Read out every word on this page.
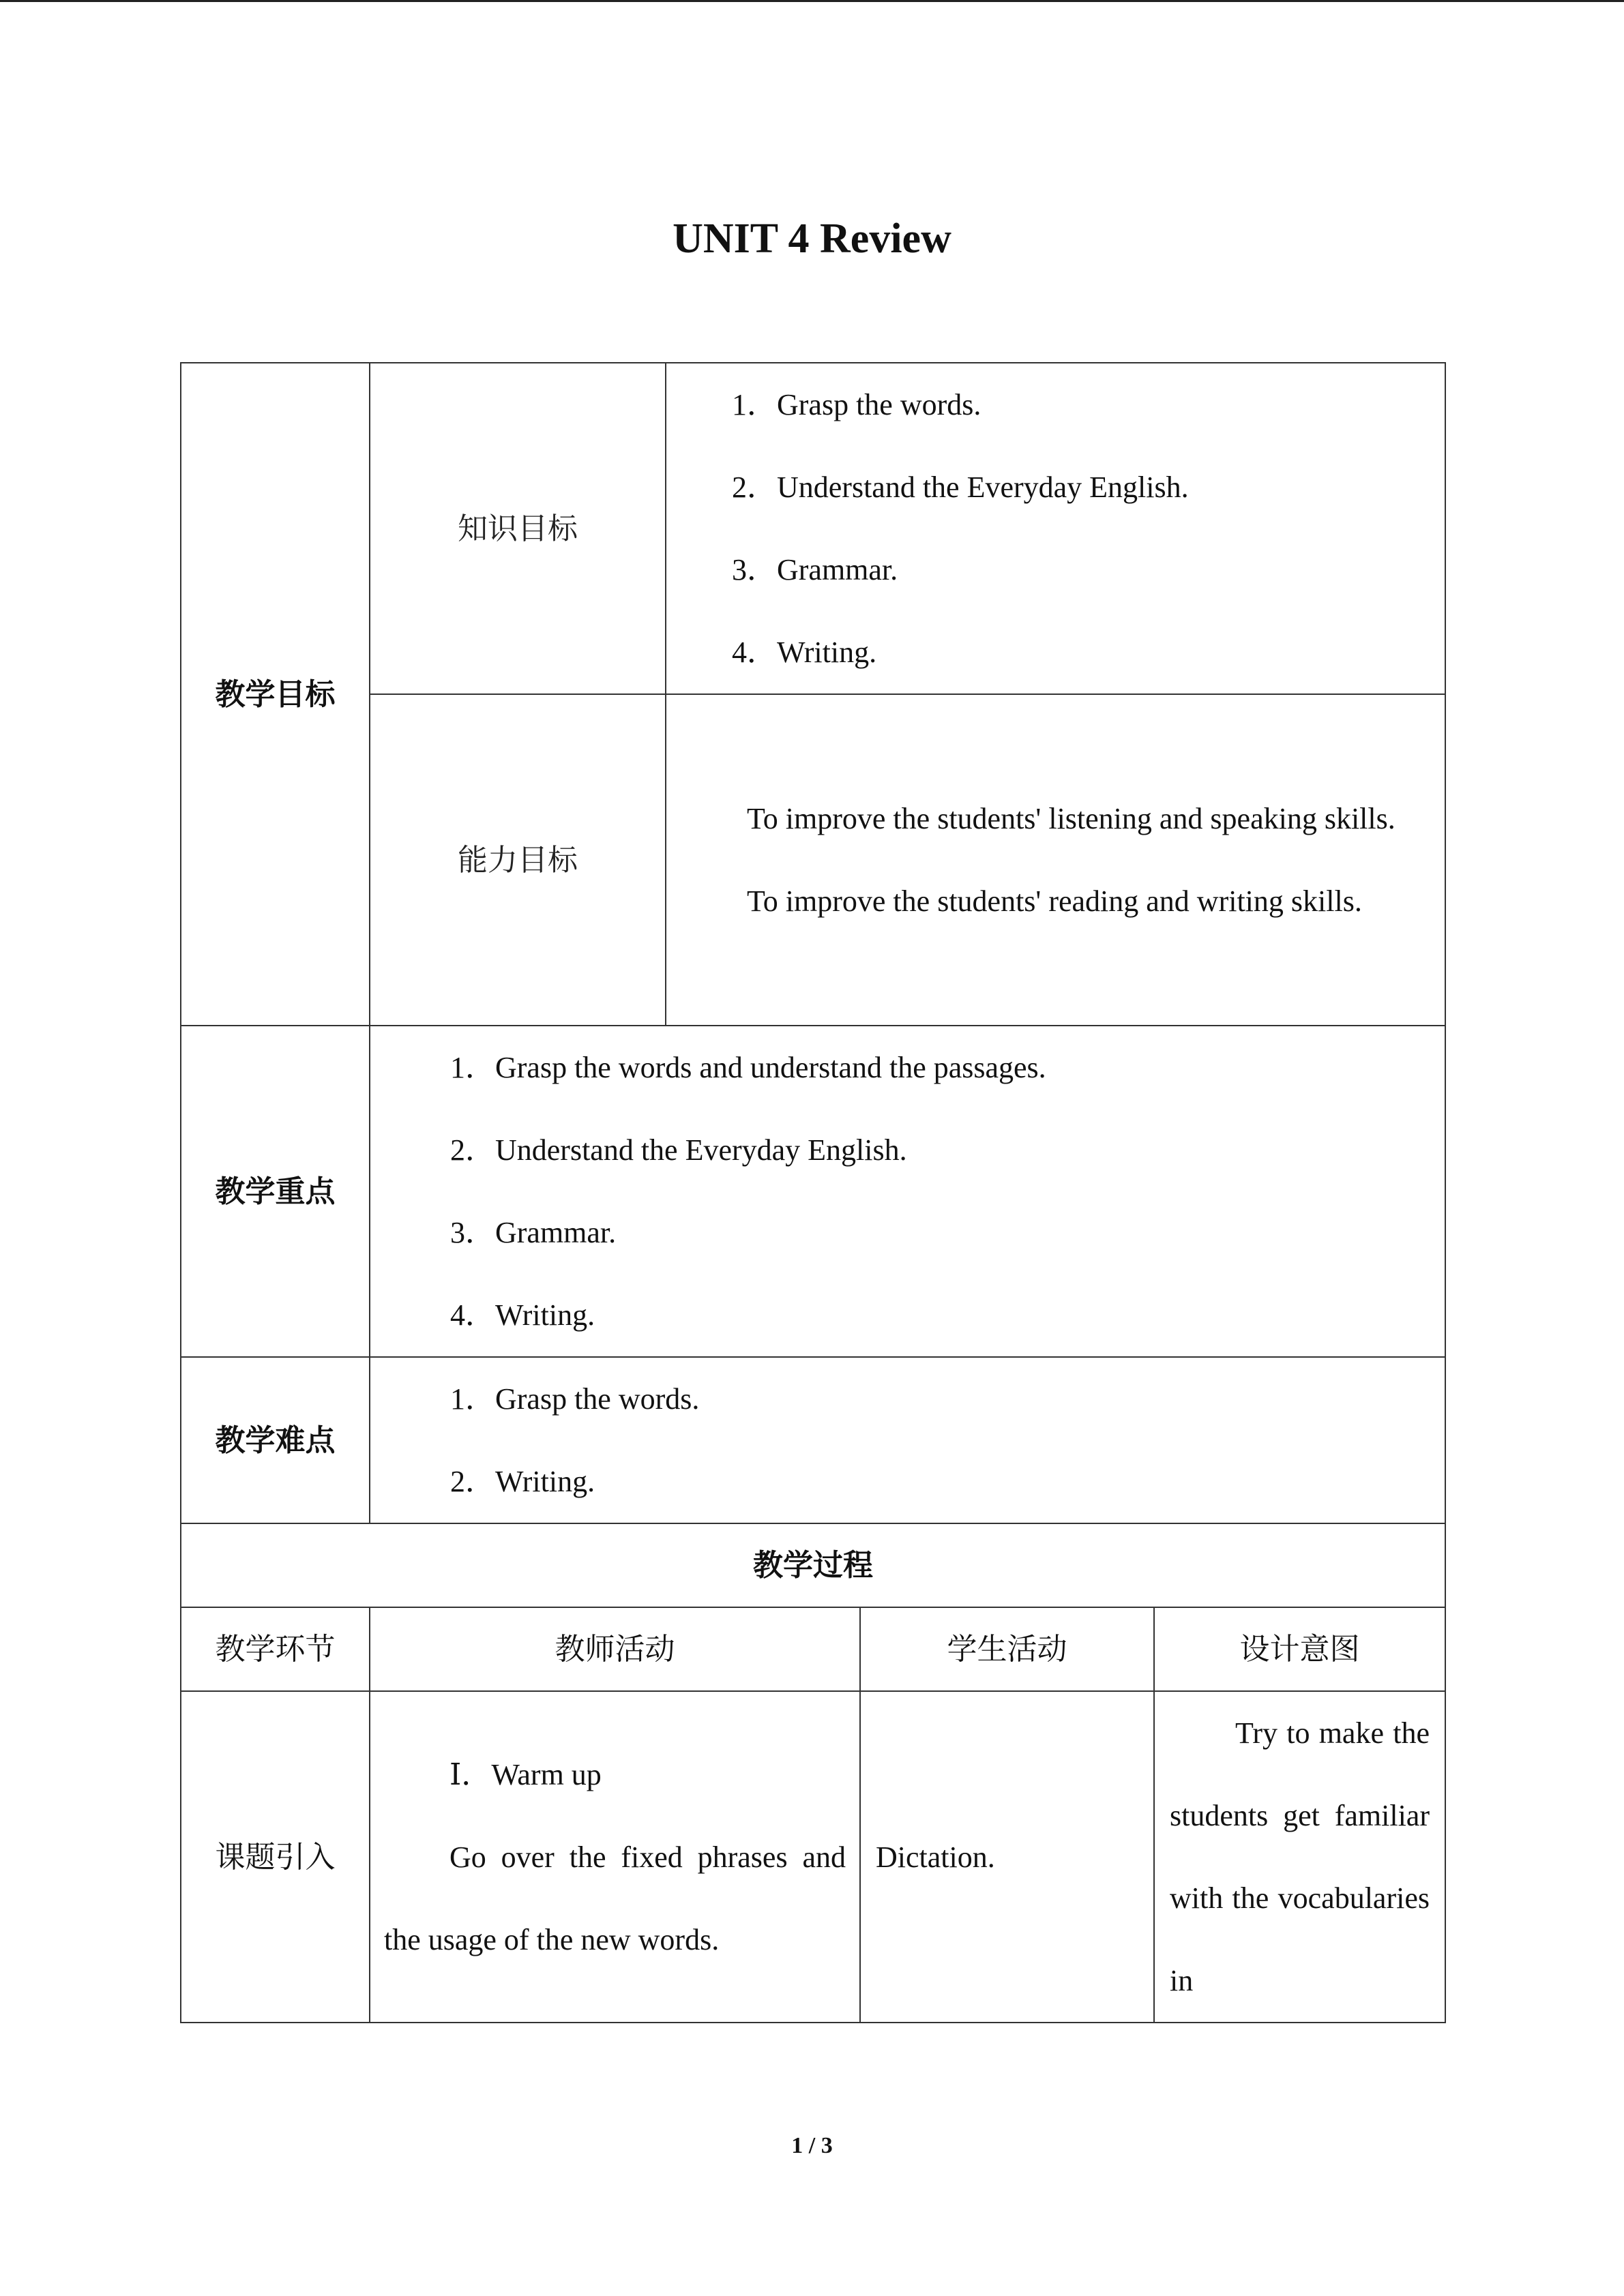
UNIT 4 Review
教学目标	知识目标	1．Grasp the words.
2．Understand the Everyday English.
3．Grammar.
4．Writing.		

	能力目标	To improve the students' listening and speaking skills.
To improve the students' reading and writing skills.		

教学重点	1．Grasp the words and understand the passages.
2．Understand the Everyday English.
3．Grammar.
4．Writing.			

教学难点	1．Grasp the words.
2．Writing.			

教学过程				
教学环节	教师活动		学生活动	设计意图
课题引入	Ⅰ．Warm up
Go over the fixed phrases and the usage of the new words.		Dictation.	Try to make the students get familiar with the vocabularies in
1 / 3
